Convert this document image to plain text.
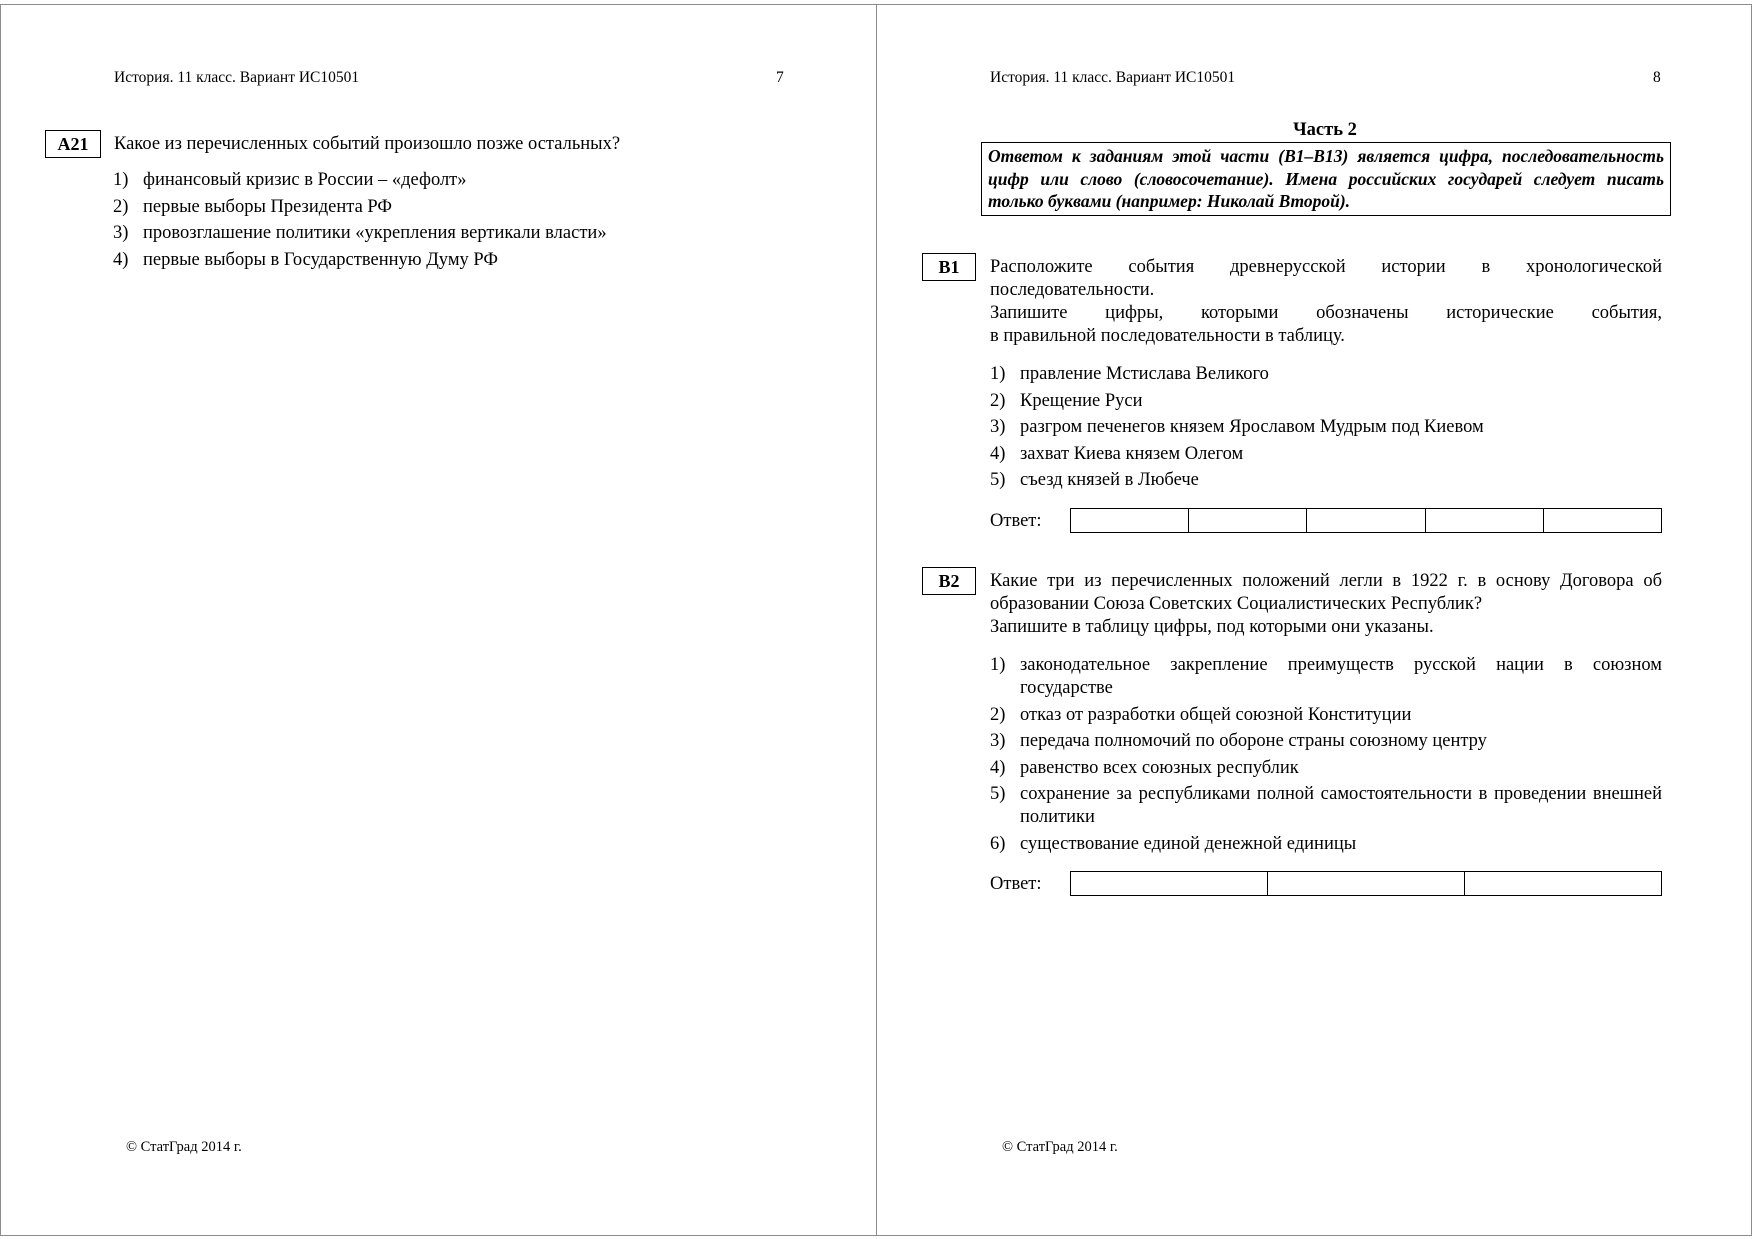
История. 11 класс. Вариант ИС10501	7
А21	Какое из перечисленных событий произошло позже остальных?
1) финансовый кризис в России – «дефолт»
2) первые выборы Президента РФ
3) провозглашение политики «укрепления вертикали власти»
4) первые выборы в Государственную Думу РФ
© СтатГрад 2014 г.
История. 11 класс. Вариант ИС10501	8
Часть 2
Ответом к заданиям этой части (В1–В13) является цифра, последовательность цифр или слово (словосочетание). Имена российских государей следует писать только буквами (например: Николай Второй).
В1	Расположите события древнерусской истории в хронологической
последовательности.
Запишите цифры, которыми обозначены исторические события,
в правильной последовательности в таблицу.
1) правление Мстислава Великого
2) Крещение Руси
3) разгром печенегов князем Ярославом Мудрым под Киевом
4) захват Киева князем Олегом
5) съезд князей в Любече
Ответ:
В2	Какие три из перечисленных положений легли в 1922 г. в основу Договора об
образовании Союза Советских Социалистических Республик?
Запишите в таблицу цифры, под которыми они указаны.
1) законодательное закрепление преимуществ русской нации в союзном государстве
2) отказ от разработки общей союзной Конституции
3) передача полномочий по обороне страны союзному центру
4) равенство всех союзных республик
5) сохранение за республиками полной самостоятельности в проведении внешней политики
6) существование единой денежной единицы
Ответ:
© СтатГрад 2014 г.
